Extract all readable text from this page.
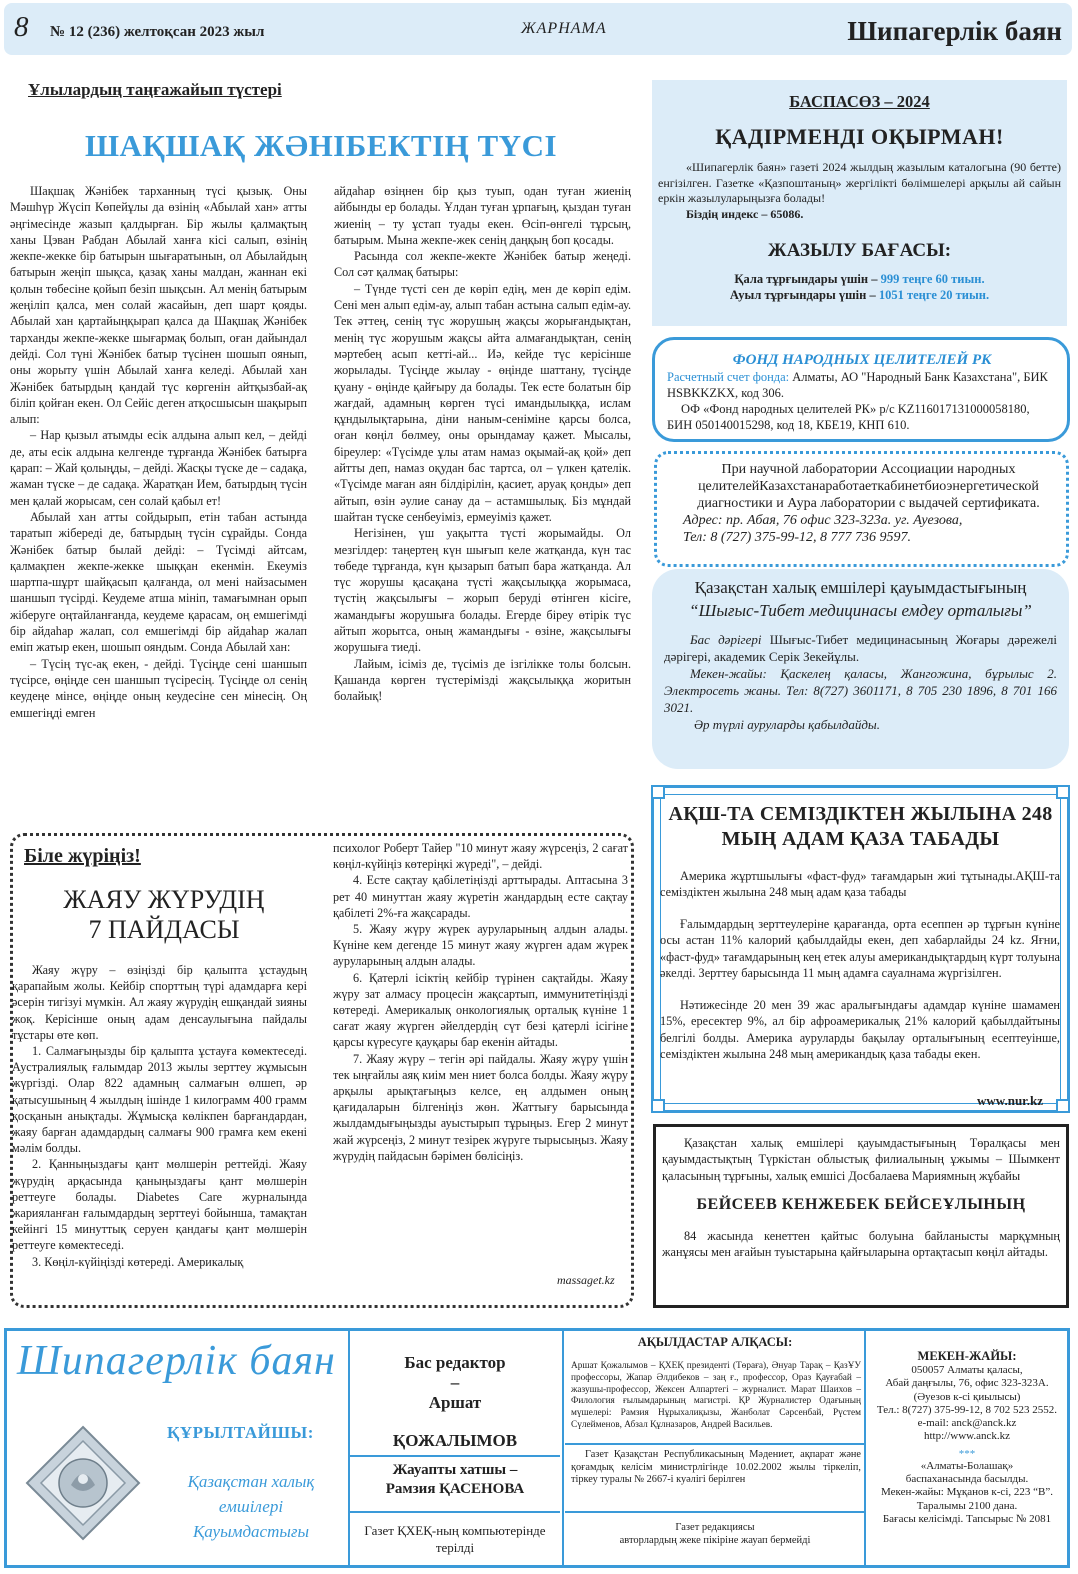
8 № 12 (236) желтоқсан 2023 жыл	ЖАРНАМА	Шипагерлік баян
Ұлылардың таңғажайып түстері
ШАҚШАҚ ЖӘНІБЕКТІҢ ТҮСІ

Шақшақ Жәнібек тарханның түсі қызық. Оны Мәшһүр Жүсіп Көпейұлы да өзінің «Абылай хан» атты әңгімесінде жазып қалдырған. Бір жылы қалмақтың ханы Цэван Рабдан Абылай ханға кісі салып, өзінің жекпе-жекке бір батырын шығаратынын, ол Абылайдың батырын жеңіп шықса, қазақ ханы малдан, жаннан екі қолын төбесіне қойып безіп шықсын. Ал менің батырым жеңіліп қалса, мен солай жасайын, деп шарт қояды. Абылай хан қартайыңқырап қалса да Шақшақ Жәнібек тарханды жекпе-жекке шығармақ болып, оған дайындал дейді. Сол түні Жәнібек батыр түсінен шошып оянып, оны жорыту үшін Абылай ханға келеді. Абылай хан Жәнібек батырдың қандай түс көргенін айтқызбай-ақ біліп қойған екен. Ол Сейіс деген атқосшысын шақырып алып:

– Нар қызыл атымды есік алдына алып кел, – дейді де, аты есік алдына келгенде тұрғанда Жәнібек батырға қарап: – Жай қолыңды, – дейді. Жасқы түске де – садақа, жаман түске – де садақа. Жаратқан Ием, батырдың түсін мен қалай жорысам, сен солай қабыл ет!

Абылай хан атты сойдырып, етін табан астында таратып жібереді де, батырдың түсін сұрайды. Сонда Жәнібек батыр былай дейді: – Түсімді айтсам, қалмақпен жекпе-жекке шыққан екенмін. Екеуміз шартпа-шұрт шайқасып қалғанда, ол мені найзасымен шаншып түсірді. Кеудеме атша мініп, тамағымнан орып жіберуге оңтайланғанда, кеудеме қарасам, оң емшегімді бір айдаһар жалап, сол емшегімді бір айдаһар жалап еміп жатыр екен, шошып ояндым. Сонда Абылай хан:

– Түсің түс-ақ екен, - дейді. Түсіңде сені шаншып түсірсе, өңіңде сен шаншып түсіресің. Түсіңде ол сенің кеудеңе мінсе, өңіңде оның кеудесіне сен мінесің. Оң емшегіңді емген

айдаһар өзіңнен бір қыз туып, одан туған жиенің айбынды ер болады. Ұлдан туған ұрпағың, қыздан туған жиенің – ту ұстап туады екен. Өсіп-өнгелі тұрсың, батырым. Мына жекпе-жек сенің даңқың боп қосады.

Расында сол жекпе-жекте Жәнібек батыр жеңеді. Сол сәт қалмақ батыры:

– Түнде түсті сен де көріп едің, мен де көріп едім. Сені мен алып едім-ау, алып табан астына салып едім-ау. Тек әттең, сенің түс жорушың жақсы жорығандықтан, менің түс жорушым жақсы айта алмағандықтан, сенің мәртебең асып кетті-ай... Иә, кейде түс керісінше жорылады. Түсіңде жылау - өңінде шаттану, түсіңде қуану - өңінде қайғыру да болады. Тек есте болатын бір жағдай, адамның көрген түсі имандылыққа, ислам құндылықтарына, діни наным-сеніміне қарсы болса, оған көңіл бөлмеу, оны орындамау қажет. Мысалы, біреулер: «Түсімде ұлы атам намаз оқымай-ақ қой» деп айтты деп, намаз оқудан бас тартса, ол – үлкен қателік. «Түсімде маған аян білдірілін, қасиет, аруақ қонды» деп айтып, өзін әулие санау да – астамшылық. Біз мұндай шайтан түске сенбеуіміз, ермеуіміз қажет.

Негізінен, үш уақытта түсті жорымайды. Ол мезгілдер: таңертең күн шығып келе жатқанда, күн тас төбеде тұрғанда, күн қызарып батып бара жатқанда. Ал түс жорушы қасақана түсті жақсылыққа жорымаса, түстің жақсылығы – жорып беруді өтінген кісіге, жамандығы жорушыға болады. Егерде біреу өтірік түс айтып жорытса, оның жамандығы - өзіне, жақсылығы жорушыға тиеді.

Лайым, ісіміз де, түсіміз де ізгілікке толы болсын. Қашанда көрген түстерімізді жақсылыққа жоритын болайық!

Біле жүріңіз!
ЖАЯУ ЖҮРУДІҢ
7 ПАЙДАСЫ

Жаяу жүру – өзіңізді бір қалыпта ұстаудың қарапайым жолы. Кейбір спорттың түрі адамдарға кері әсерін тигізуі мүмкін. Ал жаяу жүрудің ешқандай зияны жоқ. Керісінше оның адам денсаулығына пайдалы тұстары өте көп.

1. Салмағыңызды бір қалыпта ұстауға көмектеседі. Аустралиялық ғалымдар 2013 жылы зерттеу жұмысын жүргізді. Олар 822 адамның салмағын өлшеп, әр қатысушының 4 жылдың ішінде 1 килограмм 400 грамм қосқанын анықтады. Жұмысқа көлікпен барғандардан, жаяу барған адамдардың салмағы 900 грамға кем екені мәлім болды.

2. Қанныңыздағы қант мөлшерін реттейді. Жаяу жүрудің арқасында қаныңыздағы қант мөлшерін реттеуге болады. Diabetes Care журналында жарияланған ғалымдардың зерттеуі бойынша, тамақтан кейінгі 15 минуттық серуен қандағы қант мөлшерін реттеуге көмектеседі.

3. Көңіл-күйіңізді көтереді. Америкалық

психолог Роберт Тайер "10 минут жаяу жүрсеңіз, 2 сағат көңіл-күйіңіз көтеріңкі жүреді", – дейді.

4. Есте сақтау қабілетіңізді арттырады. Аптасына 3 рет 40 минуттан жаяу жүретін жандардың есте сақтау қабілеті 2%-ға жақсарады.

5. Жаяу жүру жүрек ауруларының алдын алады. Күніне кем дегенде 15 минут жаяу жүрген адам жүрек ауруларының алдын алады.

6. Қатерлі ісіктің кейбір түрінен сақтайды. Жаяу жүру зат алмасу процесін жақсартып, иммунитетіңізді көтереді. Америкалық онкологиялық орталық күніне 1 сағат жаяу жүрген әйелдердің сүт безі қатерлі ісігіне қарсы күресуге қауқары бар екенін айтады.

7. Жаяу жүру – тегін әрі пайдалы. Жаяу жүру үшін тек ыңғайлы аяқ киім мен ниет болса болды. Жаяу жүру арқылы арықтағыңыз келсе, ең алдымен оның қағидаларын білгеніңіз жөн. Жаттығу барысында жылдамдығыңызды ауыстырып тұрыңыз. Егер 2 минут жай жүрсеңіз, 2 минут тезірек жүруге тырысыңыз. Жаяу жүрудің пайдасын бәрімен бөлісіңіз.

massaget.kz
БАСПАСӨЗ – 2024
ҚАДІРМЕНДІ ОҚЫРМАН!

«Шипагерлік баян» газеті 2024 жылдың жазылым каталогына (90 бетте) енгізілген. Газетке «Қазпоштаның» жергілікті бөлімшелері арқылы ай сайын еркін жазылуларыңызға болады!

Біздің индекс – 65086.

ЖАЗЫЛУ БАҒАСЫ:
Қала тұрғындары үшін – 999 теңге 60 тиын.
Ауыл тұрғындары үшін – 1051 теңге 20 тиын.
ФОНД НАРОДНЫХ ЦЕЛИТЕЛЕЙ РК
Расчетный счет фонда: Алматы, АО "Народный Банк Казахстана", БИК HSBKKZKX, код 306.
ОФ «Фонд народных целителей РК» р/с KZ116017131000058180, БИН 050140015298, код 18, КБЕ19, КНП 610.
При научной лаборатории Ассоциации народных целителейКазахстанаработаеткабинетбиоэнергетической диагностики и Аура лаборатории с выдачей сертификата.
Адрес: пр. Абая, 76 офис 323-323а. уг. Ауезова,
Тел: 8 (727) 375-99-12, 8 777 736 9597.
Қазақстан халық емшілері қауымдастығының
“Шығыс-Тибет медицинасы емдеу орталығы”
Бас дәрігері Шығыс-Тибет медицинасының Жоғары дәрежелі дәрігері, академик Серік Зекейұлы.
Мекен-жайы: Қаскелең қаласы, Жангожина, бұрылыс 2. Электросеть жаны. Тел: 8(727) 3601171, 8 705 230 1896, 8 701 166 3021.
Әр түрлі ауруларды қабылдайды.
АҚШ-ТА СЕМІЗДІКТЕН ЖЫЛЫНА 248 МЫҢ АДАМ ҚАЗА ТАБАДЫ

Америка жұртшылығы «фаст-фуд» тағамдарын жиі тұтынады.АҚШ-та семіздіктен жылына 248 мың адам қаза табады

Ғалымдардың зерттеулеріне қарағанда, орта есеппен әр тұрғын күніне осы астан 11% калорий қабылдайды екен, деп хабарлайды 24 kz. Яғни, «фаст-фуд» тағамдарының кең етек алуы американдықтардың күрт толуына әкелді. Зерттеу барысында 11 мың адамға сауалнама жүргізілген.

Нәтижесінде 20 мен 39 жас аралығындағы адамдар күніне шамамен 15%, ересектер 9%, ал бір афроамерикалық 21% калорий қабылдайтыны белгілі болды. Америка ауруларды бақылау орталығының есептеуінше, семіздіктен жылына 248 мың американдық қаза табады екен.

www.nur.kz

Қазақстан халық емшілері қауымдастығының Төралқасы мен қауымдастықтың Түркістан облыстық филиалының ұжымы – Шымкент қаласының тұрғыны, халық емшісі Досбалаева Мариямның жұбайы

БЕЙСЕЕВ КЕНЖЕБЕК БЕЙСЕҰЛЫНЫҢ

84 жасында кенеттен қайтыс болуына байланысты марқұмның жанұясы мен ағайын туыстарына қайғыларына ортақтасып көңіл айтады.

Шипагерлік баян
ҚҰРЫЛТАЙШЫ:
Қазақстан халық
емшілері
Қауымдастығы
Бас редактор
–
Аршат
ҚОЖАЛЫМОВ
Жауапты хатшы –
Рамзия ҚАСЕНОВА
Газет ҚХЕҚ-ның компьютерінде терілді
АҚЫЛДАСТАР АЛҚАСЫ:
Аршат Қожалымов – ҚХЕҚ президенті (Төраға), Әнуар Тарақ – ҚазҰУ профессоры, Жапар Әлдибеков – заң ғ., профессор, Ораз Қауғабай – жазушы-профессор, Жексен Алпартегі – журналист. Марат Шаихов – Филология ғылымдарының магистрі. ҚР Журналистер Одағының мүшелері: Рамзия Нұрыхалиқызы, Жанболат Сәрсенбай, Рүстем Сүлейменов, Абзал Құлназаров, Андрей Васильев.
Газет Қазақстан Республикасының Мәдениет, ақпарат және қоғамдық келісім министрлігінде 10.02.2002 жылы тіркеліп, тіркеу туралы № 2667-і куәлігі берілген
Газет редакциясы
авторлардың жеке пікіріне жауап бермейді
МЕКЕН-ЖАЙЫ:
050057 Алматы қаласы,
Абай даңғылы, 76, офис 323-323А.
(Әуезов к-сі қиылысы)
Тел.: 8(727) 375-99-12, 8 702 523 2552.
e-mail: anck@anck.kz
http://www.anck.kz
***
«Алматы-Болашақ»
баспаханасында басылды.
Мекен-жайы: Мұқанов к-сі, 223 “В”.
Таралымы 2100 дана.
Бағасы келісімді. Тапсырыс № 2081
